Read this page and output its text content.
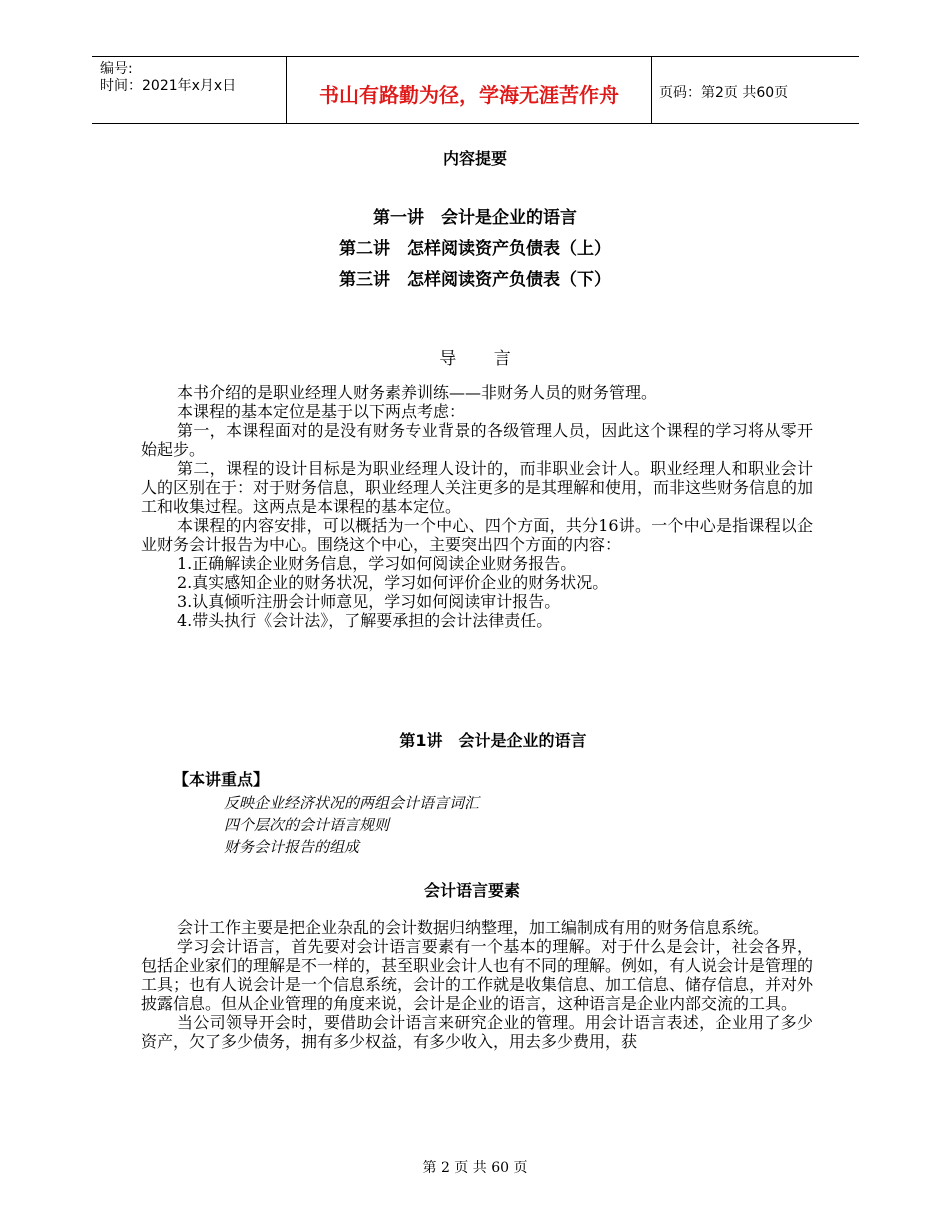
编号:
时间：2021年x月x日	书山有路勤为径，学海无涯苦作舟	页码：第2页 共60页
内容提要
第一讲　会计是企业的语言
第二讲　怎样阅读资产负债表（上）
第三讲　怎样阅读资产负债表（下）
导 言

本书介绍的是职业经理人财务素养训练——非财务人员的财务管理。

本课程的基本定位是基于以下两点考虑：

第一，本课程面对的是没有财务专业背景的各级管理人员，因此这个课程的学习将从零开始起步。

第二，课程的设计目标是为职业经理人设计的，而非职业会计人。职业经理人和职业会计人的区别在于：对于财务信息，职业经理人关注更多的是其理解和使用，而非这些财务信息的加工和收集过程。这两点是本课程的基本定位。

本课程的内容安排，可以概括为一个中心、四个方面，共分16讲。一个中心是指课程以企业财务会计报告为中心。围绕这个中心，主要突出四个方面的内容：

1.正确解读企业财务信息，学习如何阅读企业财务报告。

2.真实感知企业的财务状况，学习如何评价企业的财务状况。

3.认真倾听注册会计师意见，学习如何阅读审计报告。

4.带头执行《会计法》，了解要承担的会计法律责任。

第1讲　会计是企业的语言
【本讲重点】
反映企业经济状况的两组会计语言词汇
四个层次的会计语言规则
财务会计报告的组成
会计语言要素

会计工作主要是把企业杂乱的会计数据归纳整理，加工编制成有用的财务信息系统。

学习会计语言，首先要对会计语言要素有一个基本的理解。对于什么是会计，社会各界，包括企业家们的理解是不一样的，甚至职业会计人也有不同的理解。例如，有人说会计是管理的工具；也有人说会计是一个信息系统，会计的工作就是收集信息、加工信息、储存信息，并对外披露信息。但从企业管理的角度来说，会计是企业的语言，这种语言是企业内部交流的工具。

当公司领导开会时，要借助会计语言来研究企业的管理。用会计语言表述，企业用了多少资产，欠了多少债务，拥有多少权益，有多少收入，用去多少费用，获

第 2 页 共 60 页
